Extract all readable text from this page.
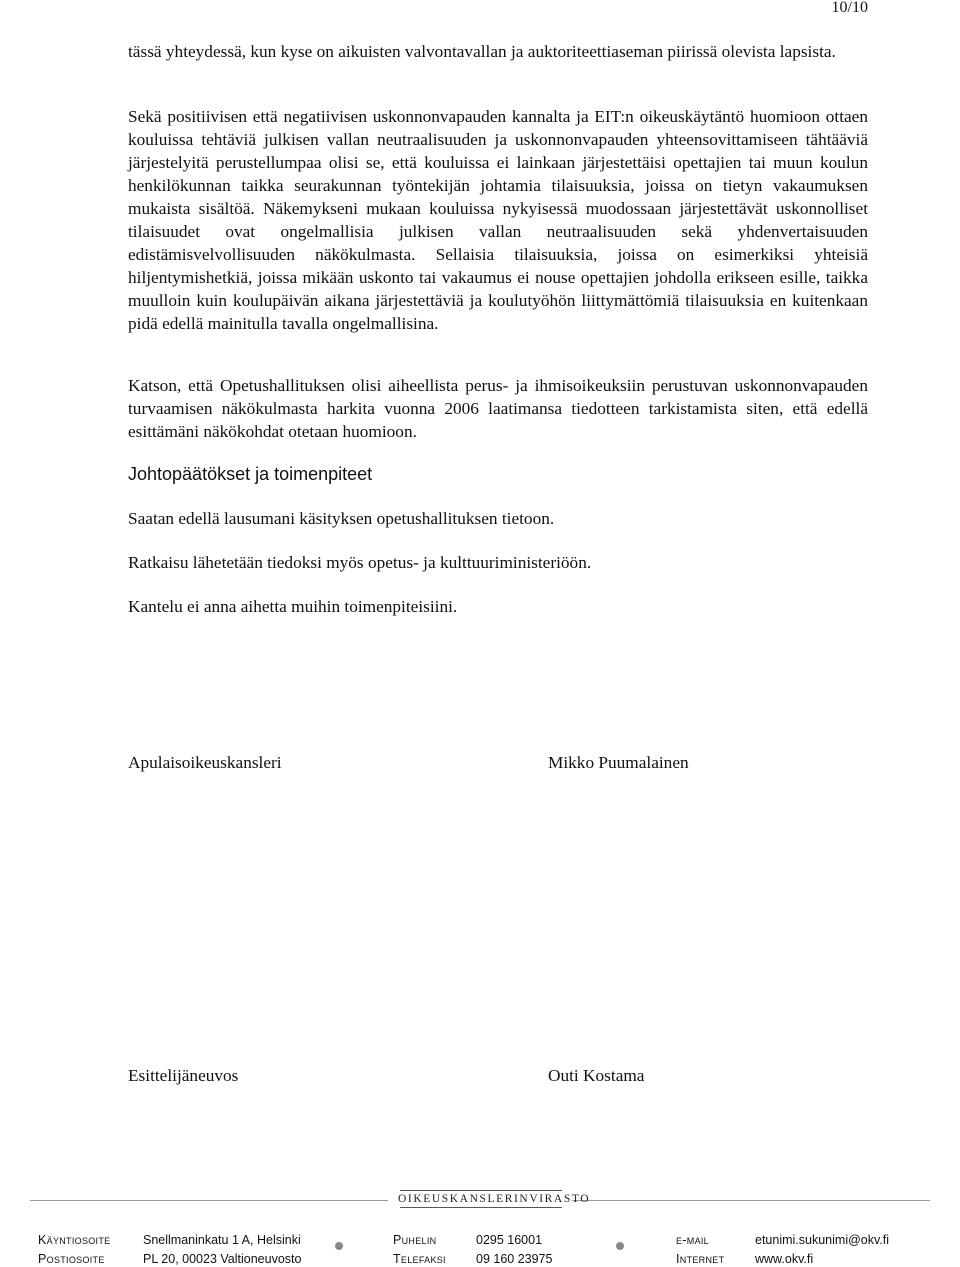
10/10

tässä yhteydessä, kun kyse on aikuisten valvontavallan ja auktoriteettiaseman piirissä olevista lapsista.

Sekä positiivisen että negatiivisen uskonnonvapauden kannalta ja EIT:n oikeuskäytäntö huomioon ottaen kouluissa tehtäviä julkisen vallan neutraalisuuden ja uskonnonvapauden yhteensovittamiseen tähtääviä järjestelyitä perustellumpaa olisi se, että kouluissa ei lainkaan järjestettäisi opettajien tai muun koulun henkilökunnan taikka seurakunnan työntekijän johtamia tilaisuuksia, joissa on tietyn vakaumuksen mukaista sisältöä. Näkemykseni mukaan kouluissa nykyisessä muodossaan järjestettävät uskonnolliset tilaisuudet ovat ongelmallisia julkisen vallan neutraalisuuden sekä yhdenvertaisuuden edistämisvelvollisuuden näkökulmasta. Sellaisia tilaisuuksia, joissa on esimerkiksi yhteisiä hiljentymishetkiä, joissa mikään uskonto tai vakaumus ei nouse opettajien johdolla erikseen esille, taikka muulloin kuin koulupäivän aikana järjestettäviä ja koulutyöhön liittymättömiä tilaisuuksia en kuitenkaan pidä edellä mainitulla tavalla ongelmallisina.

Katson, että Opetushallituksen olisi aiheellista perus- ja ihmisoikeuksiin perustuvan uskonnonvapauden turvaamisen näkökulmasta harkita vuonna 2006 laatimansa tiedotteen tarkistamista siten, että edellä esittämäni näkökohdat otetaan huomioon.

Johtopäätökset ja toimenpiteet
Saatan edellä lausumani käsityksen opetushallituksen tietoon.
Ratkaisu lähetetään tiedoksi myös opetus- ja kulttuuriministeriöön.
Kantelu ei anna aihetta muihin toimenpiteisiini.
Apulaisoikeuskansleri	Mikko Puumalainen
Esittelijäneuvos	Outi Kostama
OIKEUSKANSLERINVIRASTO
Käyntiosoite	Snellmaninkatu 1 A, Helsinki	Puhelin	0295 16001	e-mail	etunimi.sukunimi@okv.fi
Postiosoite	PL 20, 00023 Valtioneuvosto	Telefaksi 09 160 23975	Internet www.okv.fi
